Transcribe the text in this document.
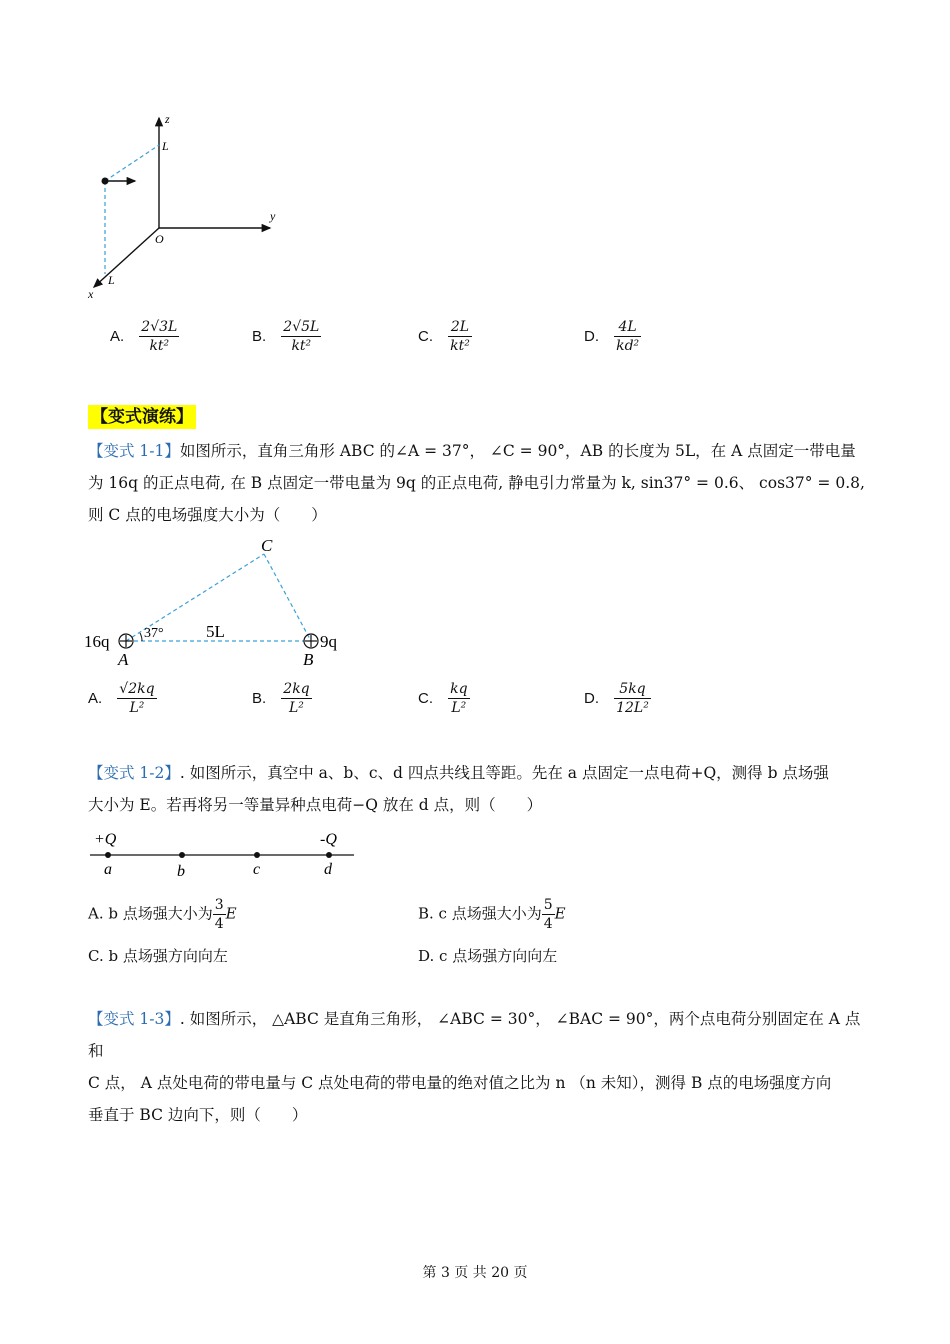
z
L
y
O
L
x
A. $\frac{2√3L}{\text{kt²}}$	B. $\frac{2√5L}{\text{kt²}}$	C. $\frac{2L}{\text{kt²}}$	D. $\frac{4L}{\text{kd²}}$
【变式演练】
【变式 1-1】如图所示，直角三角形 ABC 的∠A = 37°， ∠C = 90°，AB 的长度为 5L，在 A 点固定一带电量
为 16q 的正点电荷, 在 B 点固定一带电量为 9q 的正点电荷, 静电引力常量为 k, sin37° = 0.6、 cos37° = 0.8,
则 C 点的电场强度大小为（　　）
C
16q 37° 5L
A	B
9q
A. $\frac{√2kq}{\text{L²}}$	B. $\frac{2kq}{\text{L²}}$	C. $\frac{kq}{\text{L²}}$	D. $\frac{5kq}{\text{12L²}}$
【变式 1-2】. 如图所示，真空中 a、b、c、d 四点共线且等距。先在 a 点固定一点电荷+Q，测得 b 点场强
大小为 E。若再将另一等量异种点电荷−Q 放在 d 点，则（　　）
+Q	-Q
a	b	c	d
A. b 点场强大小为 $\frac{3}{4}$ E	B. c 点场强大小为 $\frac{5}{4}$ E
C. b 点场强方向向左	D. c 点场强方向向左
【变式 1-3】. 如图所示， △ABC 是直角三角形， ∠ABC = 30°， ∠BAC = 90°，两个点电荷分别固定在 A 点和
C 点， A 点处电荷的带电量与 C 点处电荷的带电量的绝对值之比为 n （n 未知），测得 B 点的电场强度方向
垂直于 BC 边向下，则（　　）
第 3 页 共 20 页
